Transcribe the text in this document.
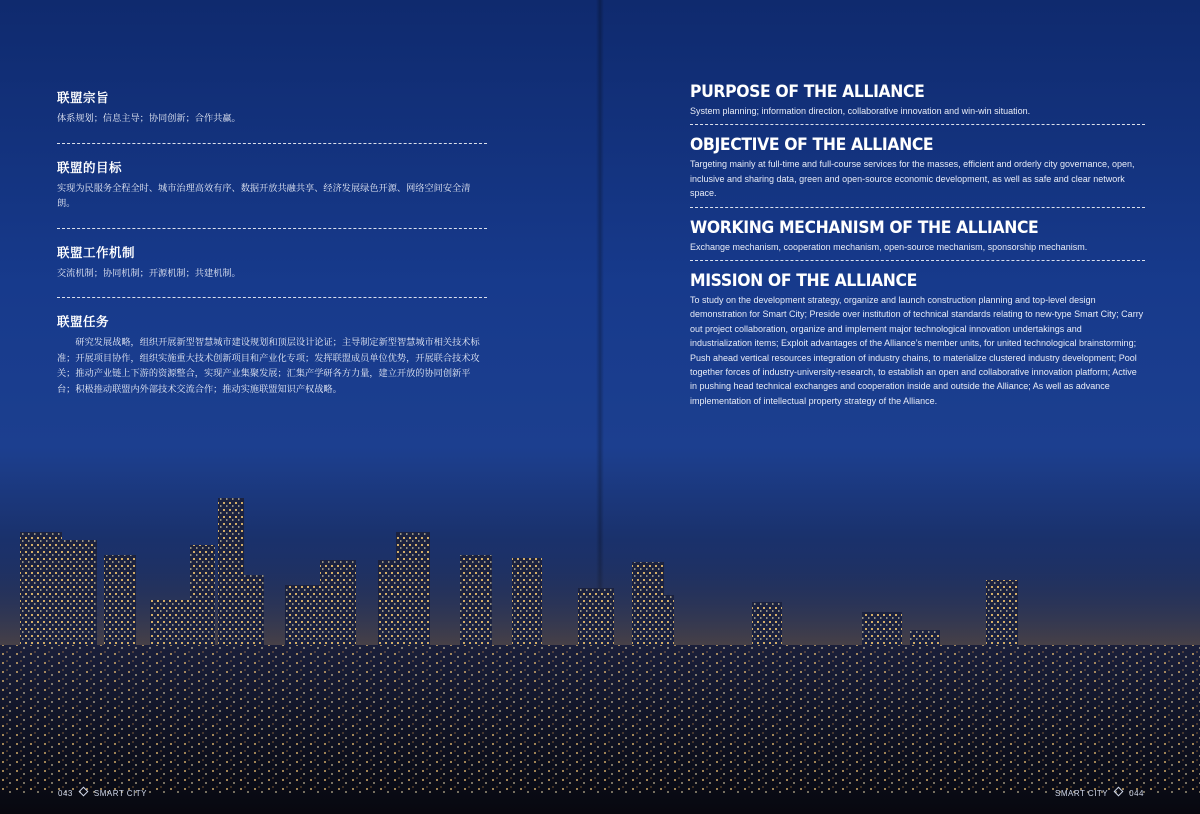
联盟宗旨

体系规划；信息主导；协同创新；合作共赢。

联盟的目标

实现为民服务全程全时、城市治理高效有序、数据开放共融共享、经济发展绿色开源、网络空间安全清朗。

联盟工作机制

交流机制；协同机制；开源机制；共建机制。

联盟任务

研究发展战略，组织开展新型智慧城市建设规划和顶层设计论证；主导制定新型智慧城市相关技术标准；开展项目协作，组织实施重大技术创新项目和产业化专项；发挥联盟成员单位优势，开展联合技术攻关；推动产业链上下游的资源整合，实现产业集聚发展；汇集产学研各方力量，建立开放的协同创新平台；积极推动联盟内外部技术交流合作；推动实施联盟知识产权战略。

PURPOSE OF THE ALLIANCE

System planning; information direction, collaborative innovation and win-win situation.

OBJECTIVE OF THE ALLIANCE

Targeting mainly at full-time and full-course services for the masses, efficient and orderly city governance, open, inclusive and sharing data, green and open-source economic development, as well as safe and clear network space.

WORKING MECHANISM OF THE ALLIANCE

Exchange mechanism, cooperation mechanism, open-source mechanism, sponsorship mechanism.

MISSION OF THE ALLIANCE

To study on the development strategy, organize and launch construction planning and top-level design demonstration for Smart City; Preside over institution of technical standards relating to new-type Smart City; Carry out project collaboration, organize and implement major technological innovation undertakings and industrialization items; Exploit advantages of the Alliance’s member units, for united technological brainstorming; Push ahead vertical resources integration of industry chains, to materialize clustered industry development; Pool together forces of industry-university-research, to establish an open and collaborative innovation platform; Active in pushing head technical exchanges and cooperation inside and outside the Alliance; As well as advance implementation of intellectual property strategy of the Alliance.

043	SMART CITY	SMART CITY	044
